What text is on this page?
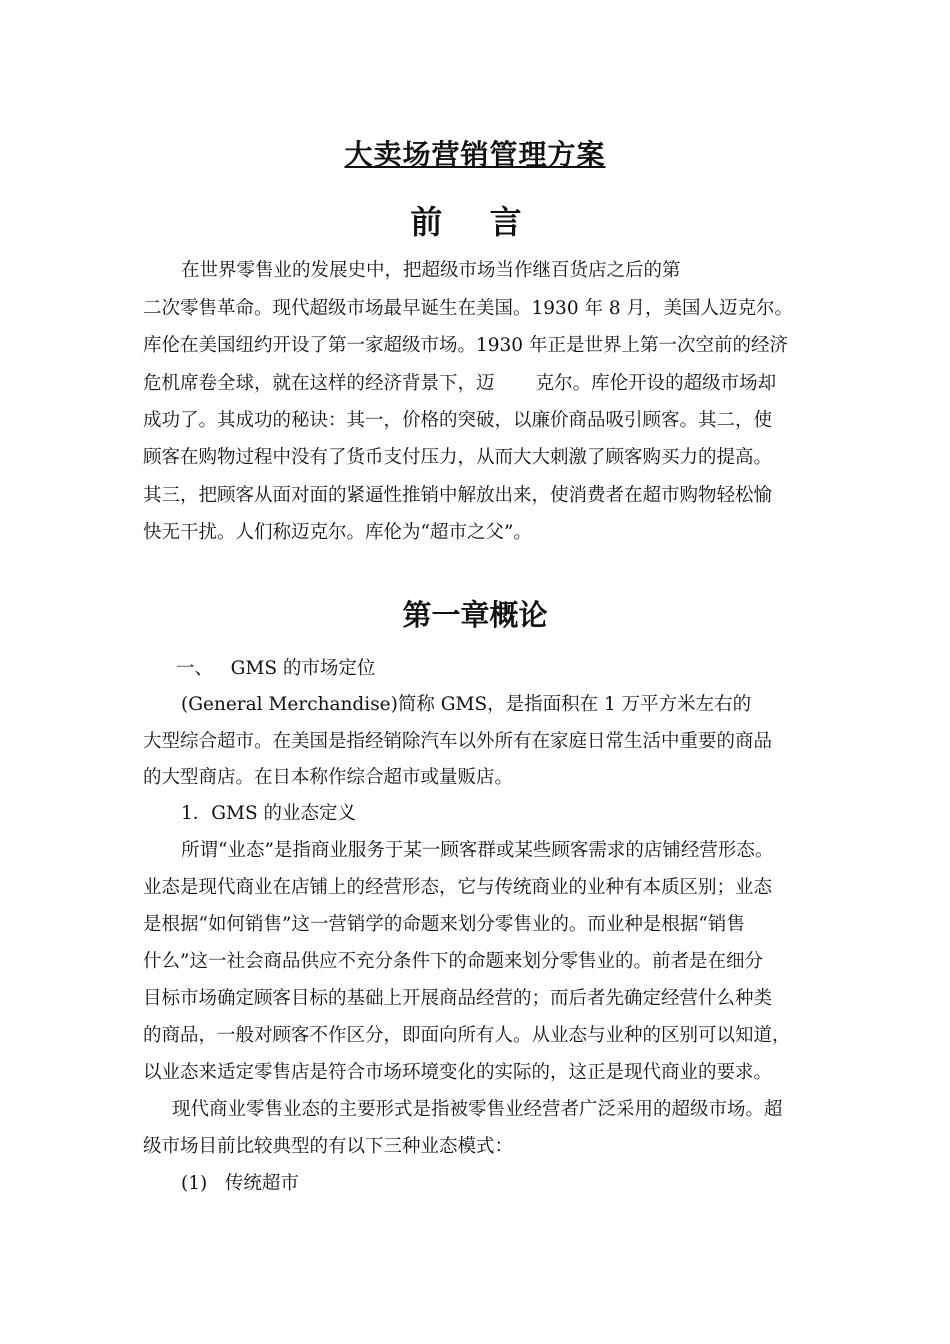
大卖场营销管理方案
前 言
在世界零售业的发展史中，把超级市场当作继百货店之后的第
二次零售革命。现代超级市场最早诞生在美国。1930 年 8 月，美国人迈克尔。
库伦在美国纽约开设了第一家超级市场。1930 年正是世界上第一次空前的经济
危机席卷全球，就在这样的经济背景下，迈       克尔。库伦开设的超级市场却
成功了。其成功的秘诀：其一，价格的突破，以廉价商品吸引顾客。其二，使
顾客在购物过程中没有了货币支付压力，从而大大刺激了顾客购买力的提高。
其三，把顾客从面对面的紧逼性推销中解放出来，使消费者在超市购物轻松愉
快无干扰。人们称迈克尔。库伦为“超市之父”。
第一章概论
一、   GMS 的市场定位
(General Merchandise)简称 GMS，是指面积在 1 万平方米左右的
大型综合超市。在美国是指经销除汽车以外所有在家庭日常生活中重要的商品
的大型商店。在日本称作综合超市或量贩店。
1．GMS 的业态定义
所谓“业态”是指商业服务于某一顾客群或某些顾客需求的店铺经营形态。
业态是现代商业在店铺上的经营形态，它与传统商业的业种有本质区别；业态
是根据“如何销售”这一营销学的命题来划分零售业的。而业种是根据“销售
什么”这一社会商品供应不充分条件下的命题来划分零售业的。前者是在细分
目标市场确定顾客目标的基础上开展商品经营的；而后者先确定经营什么种类
的商品，一般对顾客不作区分，即面向所有人。从业态与业种的区别可以知道，
以业态来适定零售店是符合市场环境变化的实际的，这正是现代商业的要求。
现代商业零售业态的主要形式是指被零售业经营者广泛采用的超级市场。超
级市场目前比较典型的有以下三种业态模式：
(1)   传统超市
